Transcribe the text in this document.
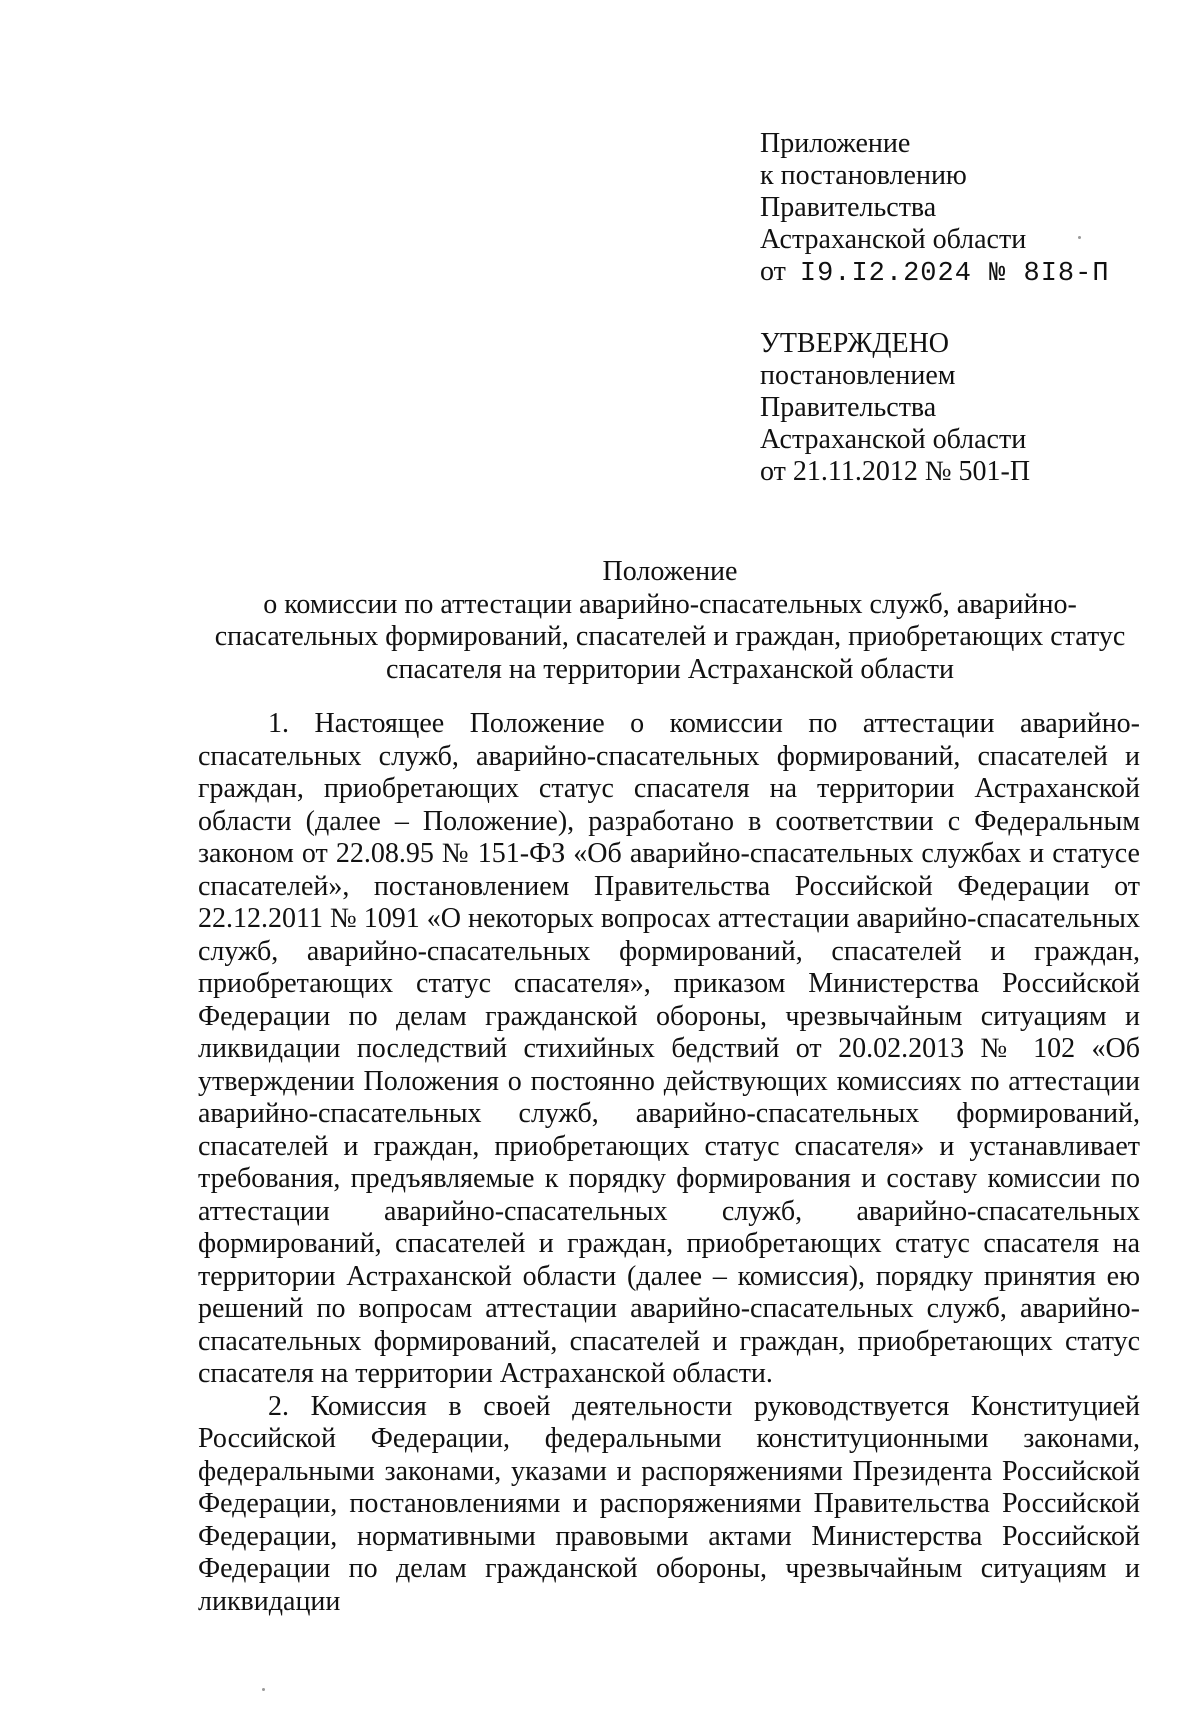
Приложение
к постановлению
Правительства
Астраханской области
от I9.I2.2024 № 8I8-П
УТВЕРЖДЕНО
постановлением
Правительства
Астраханской области
от 21.11.2012 № 501-П
Положение
о комиссии по аттестации аварийно-спасательных служб, аварийно-спасательных формирований, спасателей и граждан, приобретающих статус спасателя на территории Астраханской области

1. Настоящее Положение о комиссии по аттестации аварийно-спасательных служб, аварийно-спасательных формирований, спасателей и граждан, приобретающих статус спасателя на территории Астраханской области (далее – Положение), разработано в соответствии с Федеральным законом от 22.08.95 № 151-ФЗ «Об аварийно-спасательных службах и статусе спасателей», постановлением Правительства Российской Федерации от 22.12.2011 № 1091 «О некоторых вопросах аттестации аварийно-спасательных служб, аварийно-спасательных формирований, спасателей и граждан, приобретающих статус спасателя», приказом Министерства Российской Федерации по делам гражданской обороны, чрезвычайным ситуациям и ликвидации последствий стихийных бедствий от 20.02.2013 № 102 «Об утверждении Положения о постоянно действующих комиссиях по аттестации аварийно-спасательных служб, аварийно-спасательных формирований, спасателей и граждан, приобретающих статус спасателя» и устанавливает требования, предъявляемые к порядку формирования и составу комиссии по аттестации аварийно-спасательных служб, аварийно-спасательных формирований, спасателей и граждан, приобретающих статус спасателя на территории Астраханской области (далее – комиссия), порядку принятия ею решений по вопросам аттестации аварийно-спасательных служб, аварийно-спасательных формирований, спасателей и граждан, приобретающих статус спасателя на территории Астраханской области.

2. Комиссия в своей деятельности руководствуется Конституцией Российской Федерации, федеральными конституционными законами, федеральными законами, указами и распоряжениями Президента Российской Федерации, постановлениями и распоряжениями Правительства Российской Федерации, нормативными правовыми актами Министерства Российской Федерации по делам гражданской обороны, чрезвычайным ситуациям и ликвидации
